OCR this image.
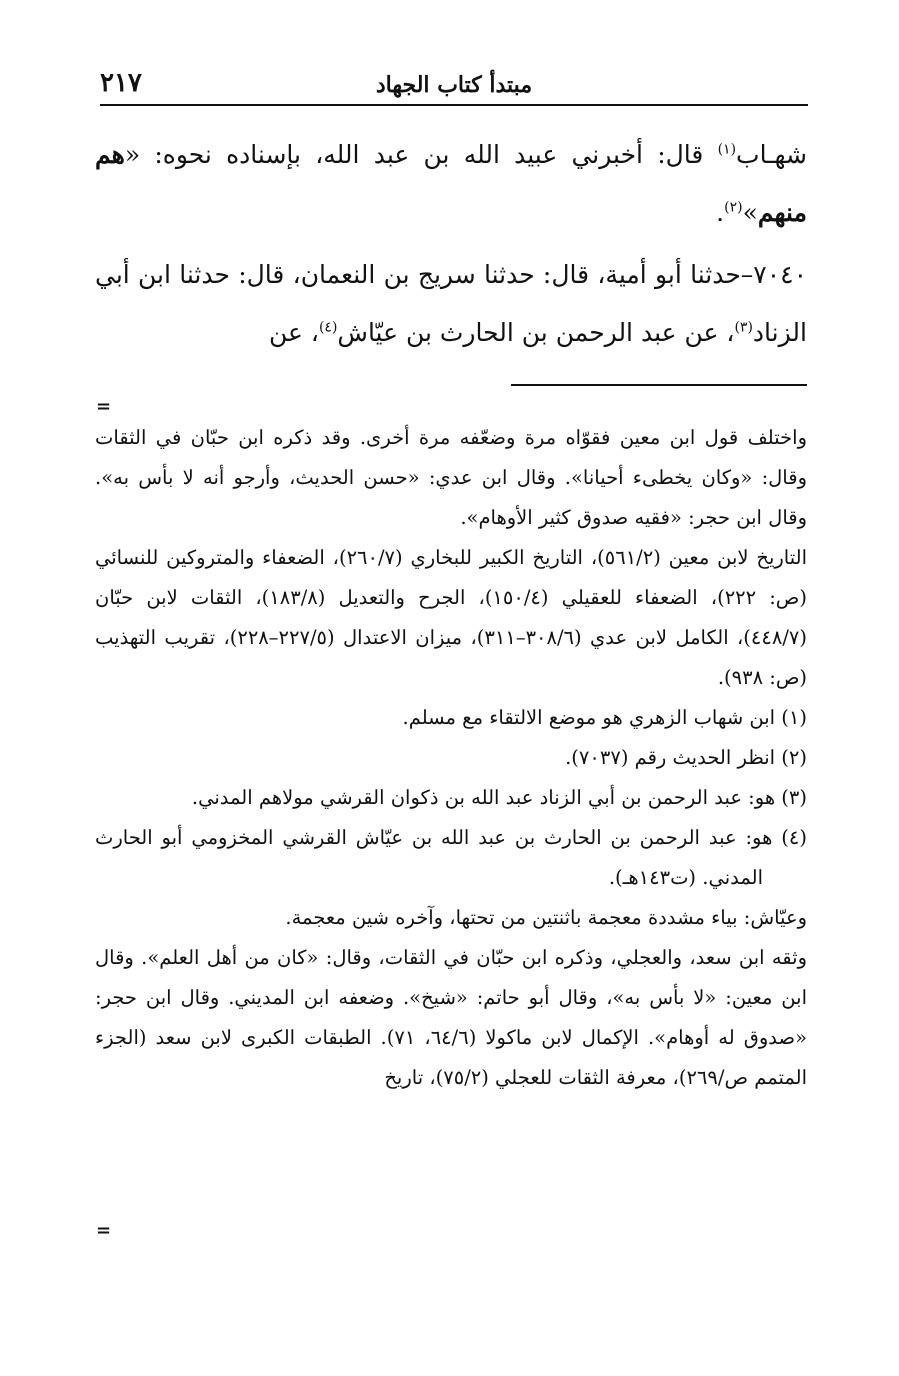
٢١٧	مبتدأ كتاب الجهاد

شهـاب$^{(١)}$ قال: أخبرني عبيد الله بن عبد الله، بإسناده نحوه: «هم منهم»$^{(٢)}$.

٧٠٤٠–حدثنا أبو أمية، قال: حدثنا سريج بن النعمان، قال: حدثنا ابن أبي الزناد$^{(٣)}$، عن عبد الرحمن بن الحارث بن عيّاش$^{(٤)}$، عن

=

واختلف قول ابن معين فقوّاه مرة وضعّفه مرة أخرى. وقد ذكره ابن حبّان في الثقات وقال: «وكان يخطىء أحيانا». وقال ابن عدي: «حسن الحديث، وأرجو أنه لا بأس به». وقال ابن حجر: «فقيه صدوق كثير الأوهام».

التاريخ لابن معين (٥٦١/٢)، التاريخ الكبير للبخاري (٢٦٠/٧)، الضعفاء والمتروكين للنسائي (ص: ٢٢٢)، الضعفاء للعقيلي (١٥٠/٤)، الجرح والتعديل (١٨٣/٨)، الثقات لابن حبّان (٤٤٨/٧)، الكامل لابن عدي (٣٠٨/٦–٣١١)، ميزان الاعتدال (٢٢٧/٥–٢٢٨)، تقريب التهذيب (ص: ٩٣٨).

(١) ابن شهاب الزهري هو موضع الالتقاء مع مسلم.

(٢) انظر الحديث رقم (٧٠٣٧).

(٣) هو: عبد الرحمن بن أبي الزناد عبد الله بن ذكوان القرشي مولاهم المدني.

(٤) هو: عبد الرحمن بن الحارث بن عبد الله بن عيّاش القرشي المخزومي أبو الحارث المدني. (ت١٤٣هـ).

وعيّاش: بياء مشددة معجمة باثنتين من تحتها، وآخره شين معجمة.

وثقه ابن سعد، والعجلي، وذكره ابن حبّان في الثقات، وقال: «كان من أهل العلم». وقال ابن معين: «لا بأس به»، وقال أبو حاتم: «شيخ». وضعفه ابن المديني. وقال ابن حجر: «صدوق له أوهام». الإكمال لابن ماكولا (٦٤/٦، ٧١). الطبقات الكبرى لابن سعد (الجزء المتمم ص/٢٦٩)، معرفة الثقات للعجلي (٧٥/٢)، تاريخ

=
